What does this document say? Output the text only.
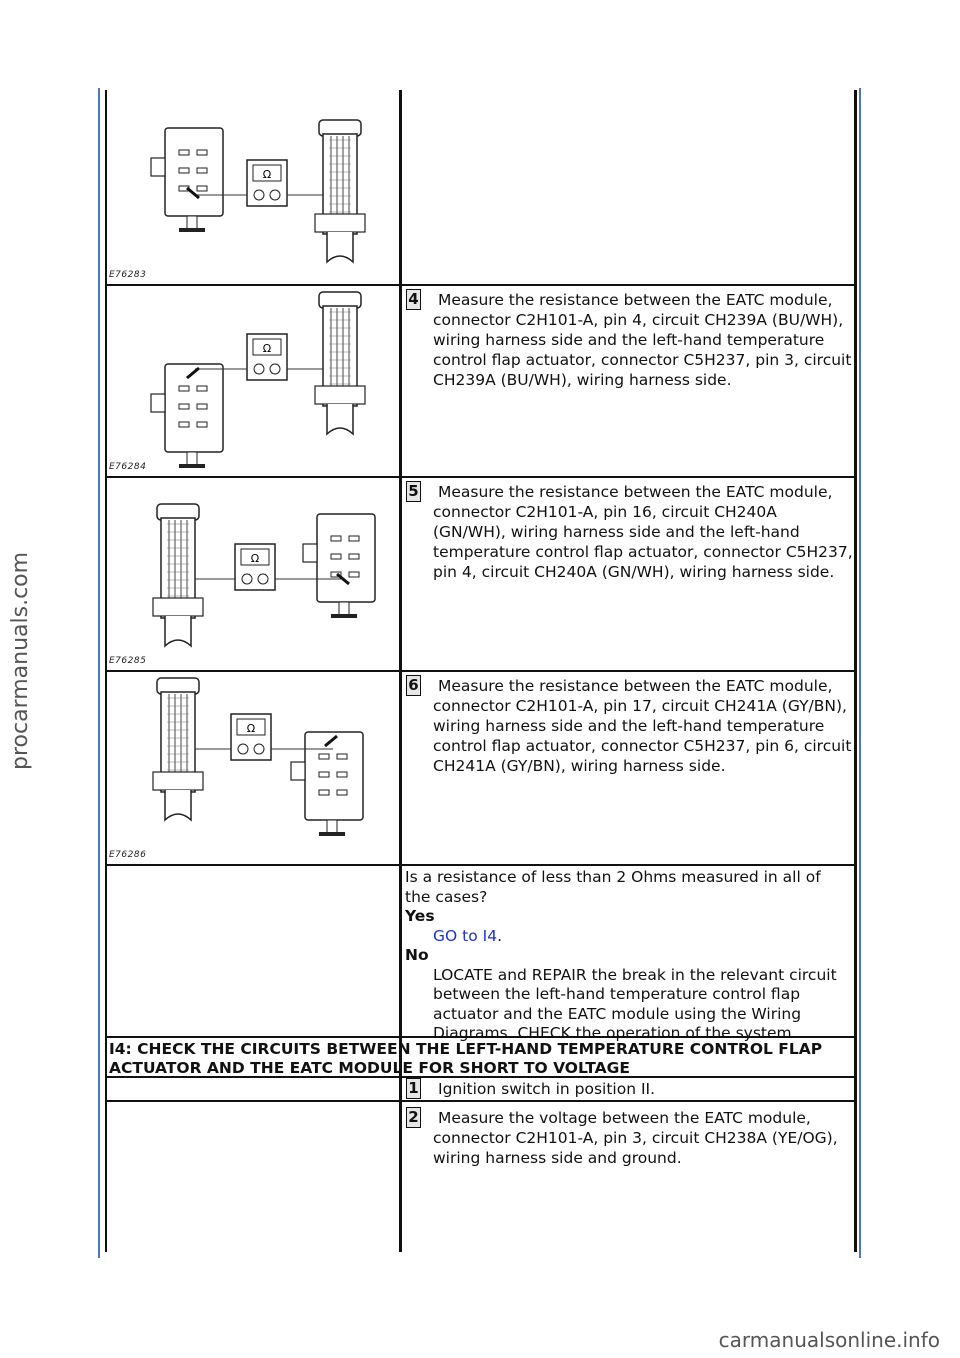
procarmanuals.com
carmanualsonline.info
Ω
E76283
Ω
E76284
4	Measure the resistance between the EATC module, connector C2H101-A, pin 4, circuit CH239A (BU/WH), wiring harness side and the left-hand temperature control flap actuator, connector C5H237, pin 3, circuit CH239A (BU/WH), wiring harness side.
Ω
E76285
5	Measure the resistance between the EATC module, connector C2H101-A, pin 16, circuit CH240A (GN/WH), wiring harness side and the left-hand temperature control flap actuator, connector C5H237, pin 4, circuit CH240A (GN/WH), wiring harness side.
Ω
E76286
6	Measure the resistance between the EATC module, connector C2H101-A, pin 17, circuit CH241A (GY/BN), wiring harness side and the left-hand temperature control flap actuator, connector C5H237, pin 6, circuit CH241A (GY/BN), wiring harness side.
Is a resistance of less than 2 Ohms measured in all of the cases?
Yes
GO to I4.
No
LOCATE and REPAIR the break in the relevant circuit between the left-hand temperature control flap actuator and the EATC module using the Wiring Diagrams. CHECK the operation of the system.
I4: CHECK THE CIRCUITS BETWEEN THE LEFT-HAND TEMPERATURE CONTROL FLAP ACTUATOR AND THE EATC MODULE FOR SHORT TO VOLTAGE
1	Ignition switch in position II.
2	Measure the voltage between the EATC module, connector C2H101-A, pin 3, circuit CH238A (YE/OG), wiring harness side and ground.
